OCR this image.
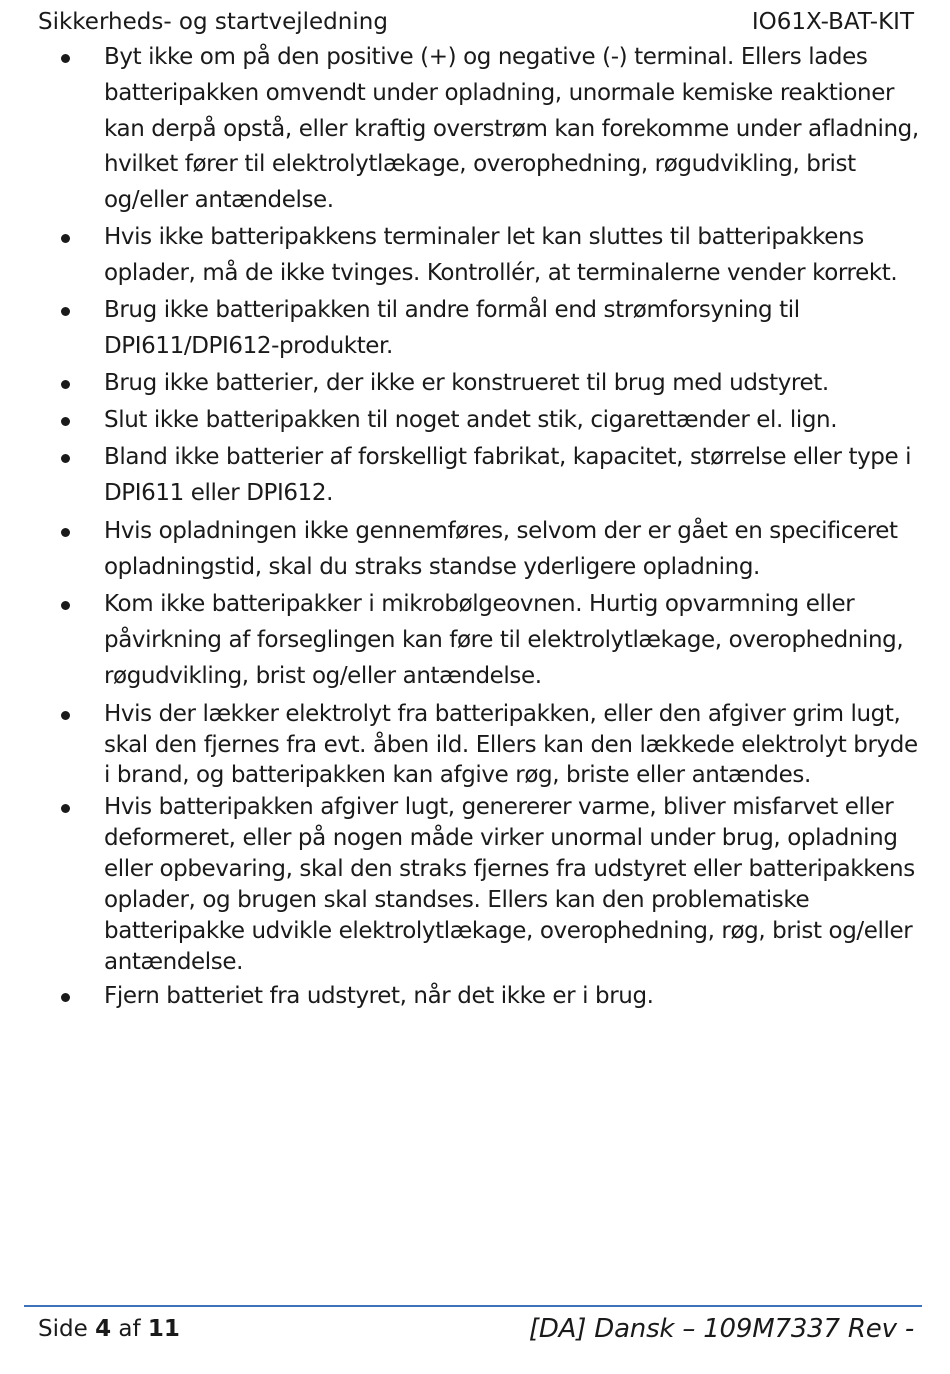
Sikkerheds- og startvejledning	IO61X-BAT-KIT

Byt ikke om på den positive (+) og negative (-) terminal. Ellers lades batteripakken omvendt under opladning, unormale kemiske reaktioner kan derpå opstå, eller kraftig overstrøm kan forekomme under afladning, hvilket fører til elektrolytlækage, overophedning, røgudvikling, brist og/eller antændelse.

Hvis ikke batteripakkens terminaler let kan sluttes til batteripakkens oplader, må de ikke tvinges. Kontrollér, at terminalerne vender korrekt.

Brug ikke batteripakken til andre formål end strømforsyning til DPI611/DPI612-produkter.

Brug ikke batterier, der ikke er konstrueret til brug med udstyret.

Slut ikke batteripakken til noget andet stik, cigarettænder el. lign.

Bland ikke batterier af forskelligt fabrikat, kapacitet, størrelse eller type i DPI611 eller DPI612.

Hvis opladningen ikke gennemføres, selvom der er gået en specificeret opladningstid, skal du straks standse yderligere opladning.

Kom ikke batteripakker i mikrobølgeovnen. Hurtig opvarmning eller påvirkning af forseglingen kan føre til elektrolytlækage, overophedning, røgudvikling, brist og/eller antændelse.

Hvis der lækker elektrolyt fra batteripakken, eller den afgiver grim lugt, skal den fjernes fra evt. åben ild. Ellers kan den lækkede elektrolyt bryde i brand, og batteripakken kan afgive røg, briste eller antændes.

Hvis batteripakken afgiver lugt, genererer varme, bliver misfarvet eller deformeret, eller på nogen måde virker unormal under brug, opladning eller opbevaring, skal den straks fjernes fra udstyret eller batteripakkens oplader, og brugen skal standses. Ellers kan den problematiske batteripakke udvikle elektrolytlækage, overophedning, røg, brist og/eller antændelse.

Fjern batteriet fra udstyret, når det ikke er i brug.

Side 4 af 11	[DA] Dansk – 109M7337 Rev -
